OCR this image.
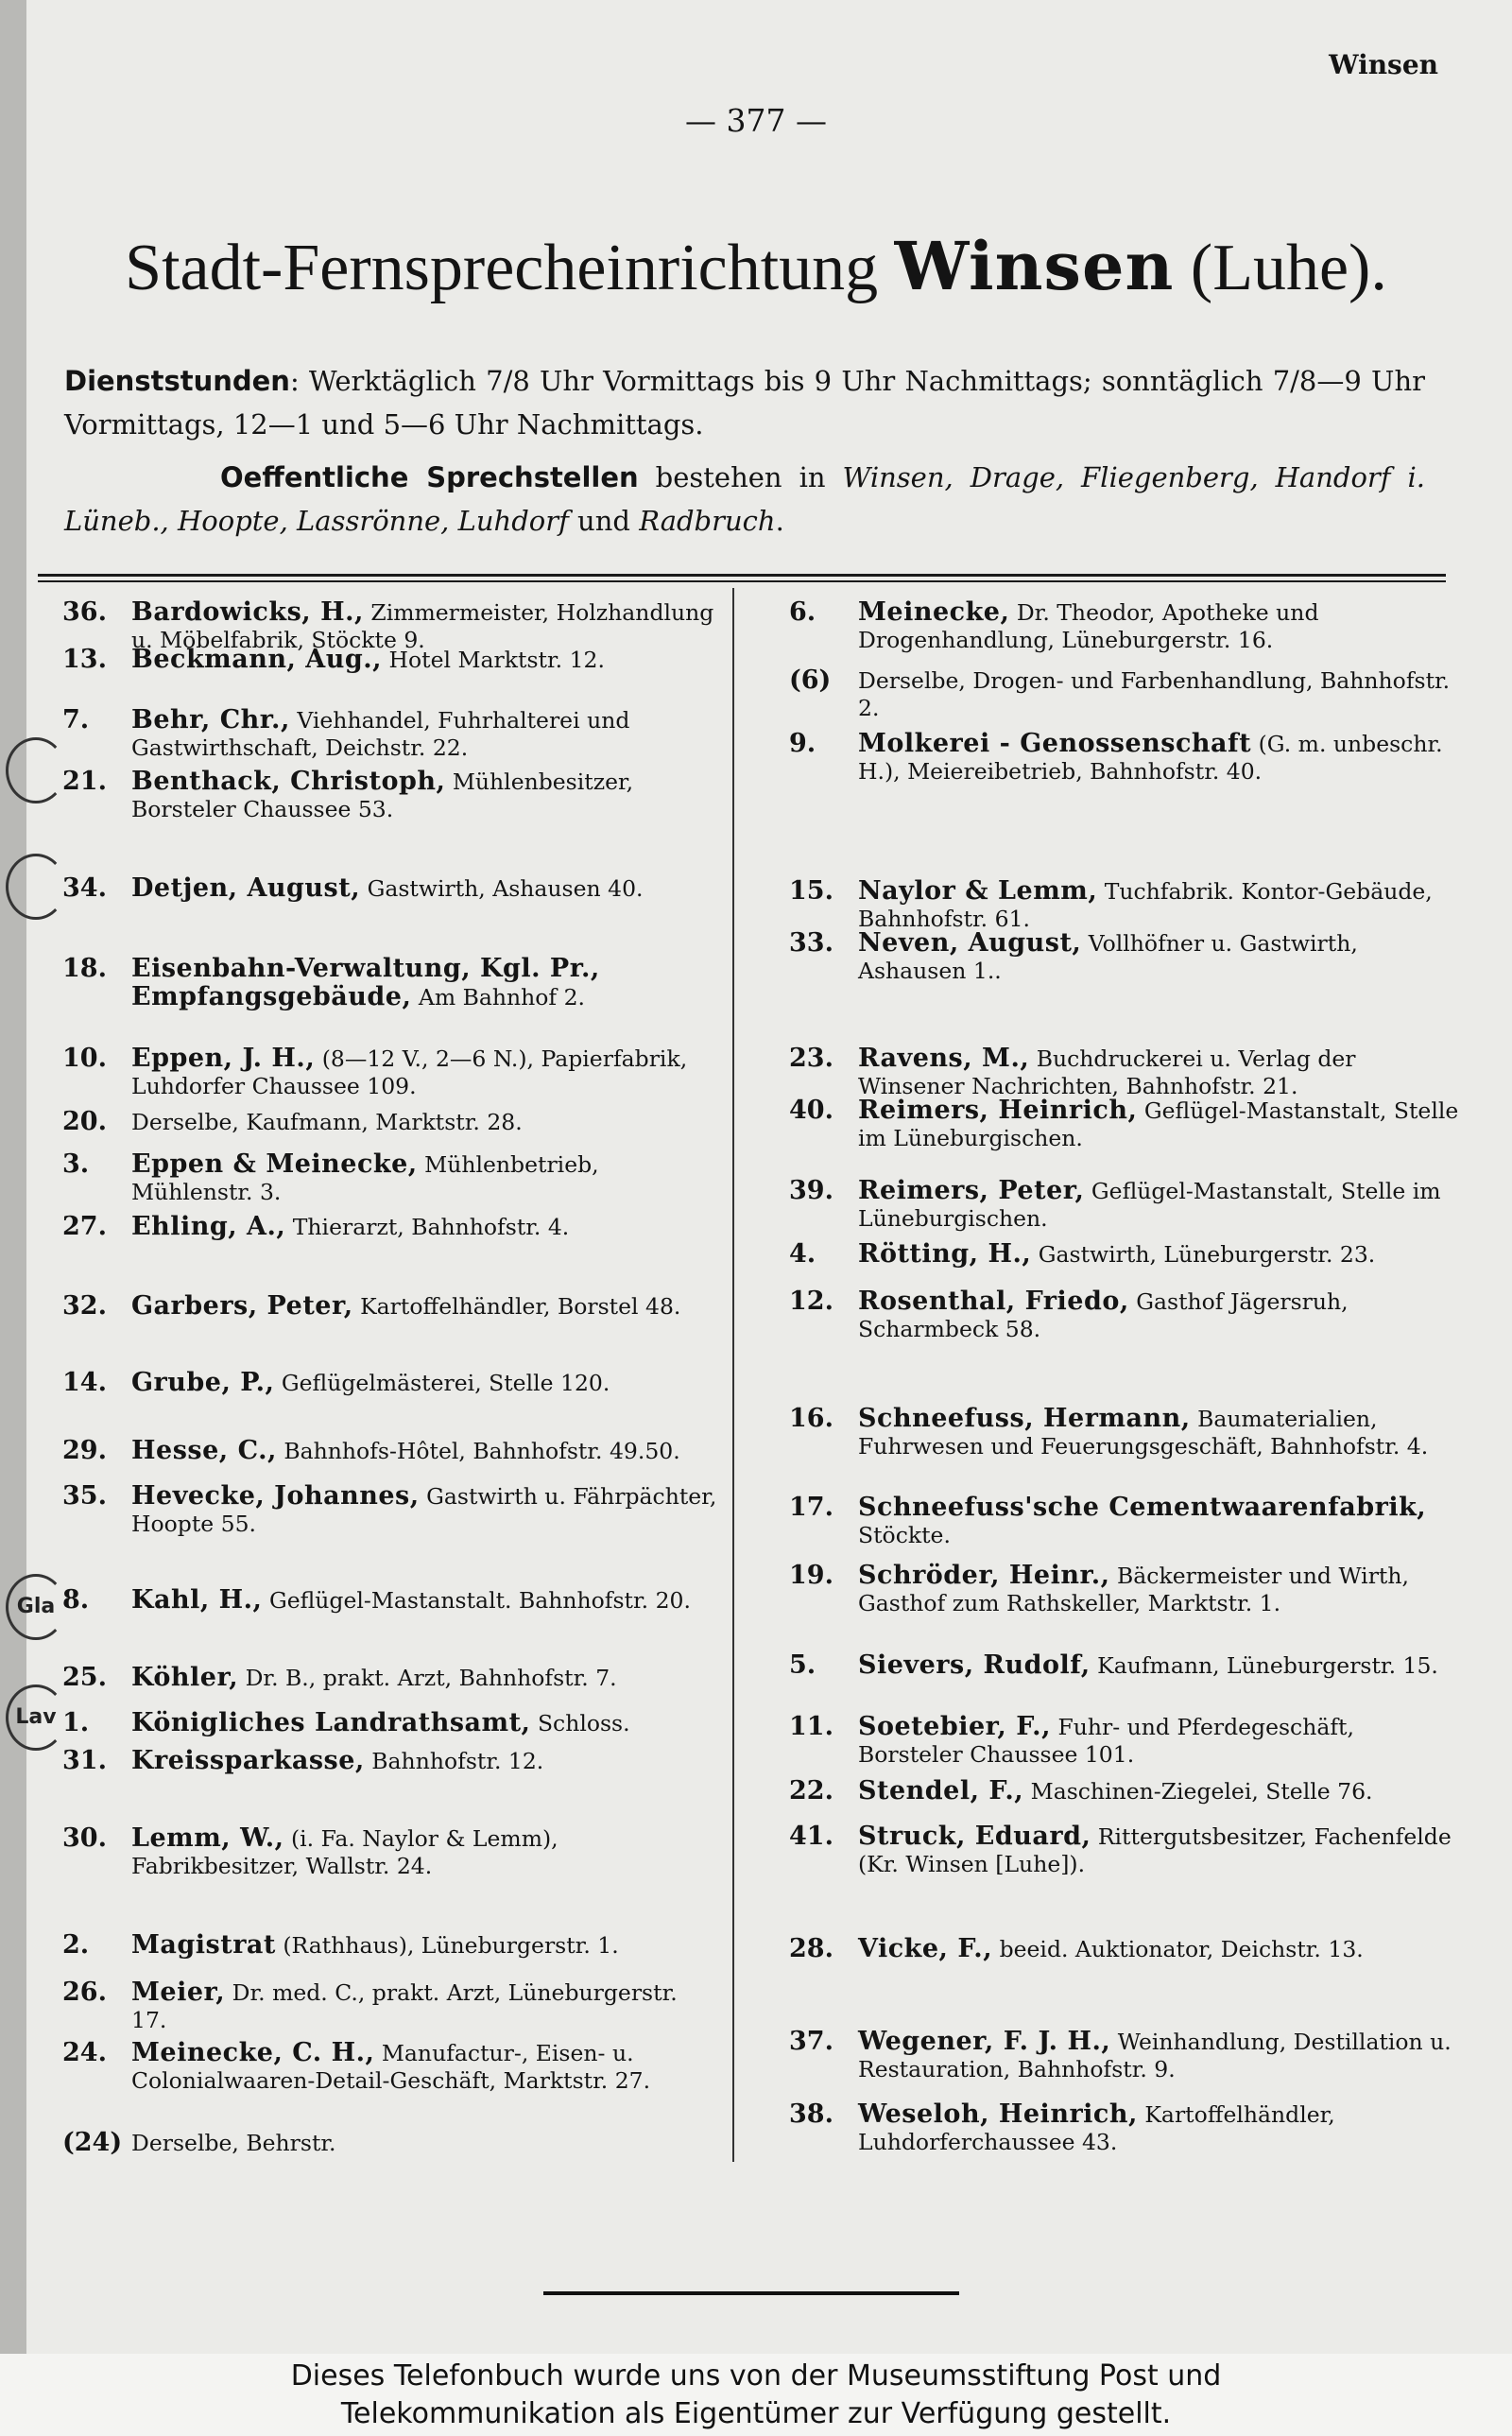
Winsen
— 377 —
Stadt-Fernsprecheinrichtung Winsen (Luhe).
Dienststunden: Werktäglich 7/8 Uhr Vormittags bis 9 Uhr Nachmittags; sonntäglich 7/8—9 Uhr Vormittags, 12—1 und 5—6 Uhr Nachmittags.
Oeffentliche Sprechstellen bestehen in Winsen, Drage, Fliegenberg, Handorf i. Lüneb., Hoopte, Lassrönne, Luhdorf und Radbruch.
Gla
Lav
36. Bardowicks, H., Zimmermeister, Holzhandlung u. Möbelfabrik, Stöckte 9.
13. Beckmann, Aug., Hotel Marktstr. 12.
7.	Behr, Chr., Viehhandel, Fuhrhalterei und Gastwirthschaft, Deichstr. 22.
21. Benthack, Christoph, Mühlenbesitzer, Borsteler Chaussee 53.
34. Detjen, August, Gastwirth, Ashausen 40.
18. Eisenbahn-Verwaltung, Kgl. Pr., Empfangsgebäude, Am Bahnhof 2.
10. Eppen, J. H., (8—12 V., 2—6 N.), Papierfabrik, Luhdorfer Chaussee 109.
20.	Derselbe, Kaufmann, Marktstr. 28.
3.	Eppen & Meinecke, Mühlenbetrieb, Mühlenstr. 3.
27. Ehling, A., Thierarzt, Bahnhofstr. 4.
32. Garbers, Peter, Kartoffelhändler, Borstel 48.
14. Grube, P., Geflügelmästerei, Stelle 120.
29. Hesse, C., Bahnhofs-Hôtel, Bahnhofstr. 49.50.
35. Hevecke, Johannes, Gastwirth u. Fährpächter, Hoopte 55.
8.	Kahl, H., Geflügel-Mastanstalt. Bahnhofstr. 20.
25. Köhler, Dr. B., prakt. Arzt, Bahnhofstr. 7.
1.	Königliches Landrathsamt, Schloss.
31. Kreissparkasse, Bahnhofstr. 12.
30. Lemm, W., (i. Fa. Naylor & Lemm), Fabrikbesitzer, Wallstr. 24.
2.	Magistrat (Rathhaus), Lüneburgerstr. 1.
26. Meier, Dr. med. C., prakt. Arzt, Lüneburgerstr. 17.
24. Meinecke, C. H., Manufactur-, Eisen- u. Colonialwaaren-Detail-Geschäft, Marktstr. 27.
(24) Derselbe, Behrstr.
6.	Meinecke, Dr. Theodor, Apotheke und Drogenhandlung, Lüneburgerstr. 16.
(6)	Derselbe, Drogen- und Farbenhandlung, Bahnhofstr. 2.
9.	Molkerei - Genossenschaft (G. m. unbeschr. H.), Meiereibetrieb, Bahnhofstr. 40.
15. Naylor & Lemm, Tuchfabrik. Kontor-Gebäude, Bahnhofstr. 61.
33. Neven, August, Vollhöfner u. Gastwirth, Ashausen 1..
23. Ravens, M., Buchdruckerei u. Verlag der Winsener Nachrichten, Bahnhofstr. 21.
40. Reimers, Heinrich, Geflügel-Mastanstalt, Stelle im Lüneburgischen.
39. Reimers, Peter, Geflügel-Mastanstalt, Stelle im Lüneburgischen.
4.	Rötting, H., Gastwirth, Lüneburgerstr. 23.
12. Rosenthal, Friedo, Gasthof Jägersruh, Scharmbeck 58.
16. Schneefuss, Hermann, Baumaterialien, Fuhrwesen und Feuerungsgeschäft, Bahnhofstr. 4.
17. Schneefuss'sche Cementwaarenfabrik, Stöckte.
19. Schröder, Heinr., Bäckermeister und Wirth, Gasthof zum Rathskeller, Marktstr. 1.
5.	Sievers, Rudolf, Kaufmann, Lüneburgerstr. 15.
11. Soetebier, F., Fuhr- und Pferdegeschäft, Borsteler Chaussee 101.
22. Stendel, F., Maschinen-Ziegelei, Stelle 76.
41. Struck, Eduard, Rittergutsbesitzer, Fachenfelde (Kr. Winsen [Luhe]).
28. Vicke, F., beeid. Auktionator, Deichstr. 13.
37. Wegener, F. J. H., Weinhandlung, Destillation u. Restauration, Bahnhofstr. 9.
38. Weseloh, Heinrich, Kartoffelhändler, Luhdorferchaussee 43.
Dieses Telefonbuch wurde uns von der Museumsstiftung Post und
Telekommunikation als Eigentümer zur Verfügung gestellt.
